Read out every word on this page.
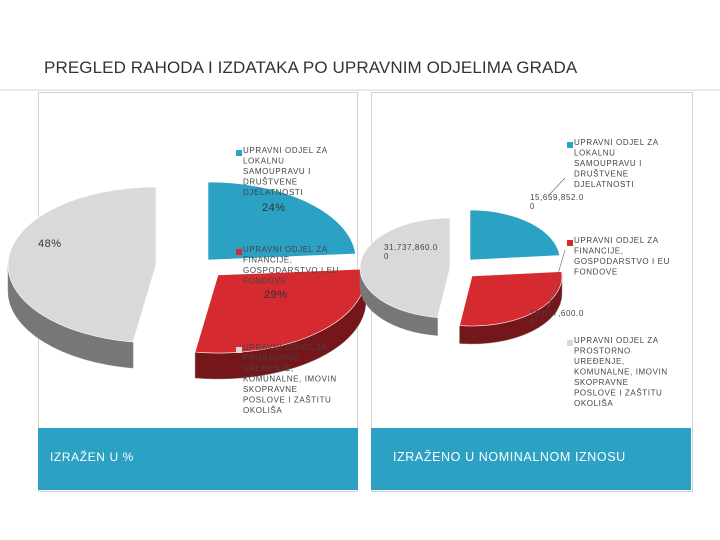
PREGLED RAHODA I IZDATAKA PO UPRAVNIM ODJELIMA GRADA
UPRAVNI ODJEL ZA LOKALNU SAMOUPRAVU I DRUŠTVENE DJELATNOSTI
24%
UPRAVNI ODJEL ZA FINANCIJE, GOSPODARSTVO I EU FONDOVE
29%
UPRAVNI ODJEL ZA PROSTORNO UREĐENJE, KOMUNALNE, IMOVIN SKOPRAVNE POSLOVE I ZAŠTITU OKOLIŠA
48%
UPRAVNI ODJEL ZA LOKALNU SAMOUPRAVU I DRUŠTVENE DJELATNOSTI
15,659,852.0 0
UPRAVNI ODJEL ZA FINANCIJE, GOSPODARSTVO I EU FONDOVE
19,017,600.0 0
UPRAVNI ODJEL ZA PROSTORNO UREĐENJE, KOMUNALNE, IMOVIN SKOPRAVNE POSLOVE I ZAŠTITU OKOLIŠA
31,737,860.0 0
IZRAŽEN U %	IZRAŽENO U NOMINALNOM IZNOSU
